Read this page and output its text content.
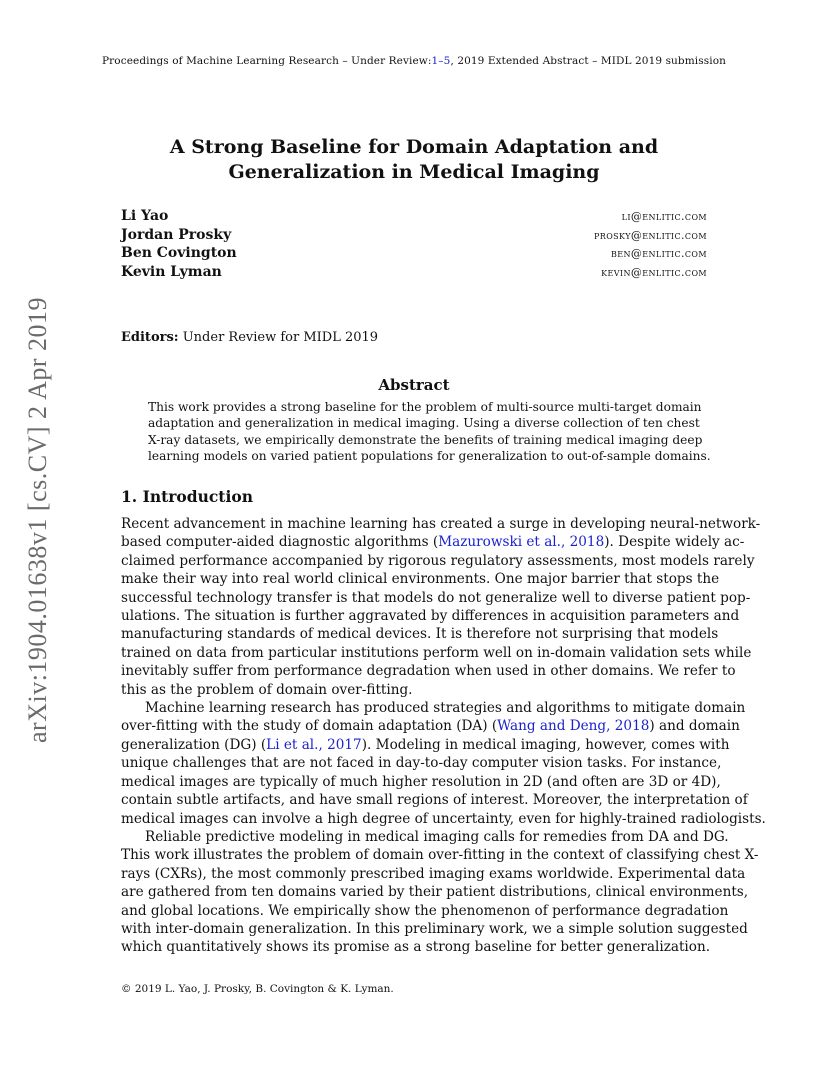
Proceedings of Machine Learning Research – Under Review:1–5, 2019 Extended Abstract – MIDL 2019 submission
arXiv:1904.01638v1 [cs.CV] 2 Apr 2019
A Strong Baseline for Domain Adaptation and
Generalization in Medical Imaging
Li Yao	li@enlitic.com
Jordan Prosky	prosky@enlitic.com
Ben Covington	ben@enlitic.com
Kevin Lyman	kevin@enlitic.com
Editors: Under Review for MIDL 2019
Abstract
This work provides a strong baseline for the problem of multi-source multi-target domain
adaptation and generalization in medical imaging. Using a diverse collection of ten chest
X-ray datasets, we empirically demonstrate the benefits of training medical imaging deep
learning models on varied patient populations for generalization to out-of-sample domains.
1. Introduction
Recent advancement in machine learning has created a surge in developing neural-network-
based computer-aided diagnostic algorithms (Mazurowski et al., 2018). Despite widely ac-
claimed performance accompanied by rigorous regulatory assessments, most models rarely
make their way into real world clinical environments. One major barrier that stops the
successful technology transfer is that models do not generalize well to diverse patient pop-
ulations. The situation is further aggravated by differences in acquisition parameters and
manufacturing standards of medical devices. It is therefore not surprising that models
trained on data from particular institutions perform well on in-domain validation sets while
inevitably suffer from performance degradation when used in other domains. We refer to
this as the problem of domain over-fitting.
Machine learning research has produced strategies and algorithms to mitigate domain
over-fitting with the study of domain adaptation (DA) (Wang and Deng, 2018) and domain
generalization (DG) (Li et al., 2017). Modeling in medical imaging, however, comes with
unique challenges that are not faced in day-to-day computer vision tasks. For instance,
medical images are typically of much higher resolution in 2D (and often are 3D or 4D),
contain subtle artifacts, and have small regions of interest. Moreover, the interpretation of
medical images can involve a high degree of uncertainty, even for highly-trained radiologists.
Reliable predictive modeling in medical imaging calls for remedies from DA and DG.
This work illustrates the problem of domain over-fitting in the context of classifying chest X-
rays (CXRs), the most commonly prescribed imaging exams worldwide. Experimental data
are gathered from ten domains varied by their patient distributions, clinical environments,
and global locations. We empirically show the phenomenon of performance degradation
with inter-domain generalization. In this preliminary work, we a simple solution suggested
which quantitatively shows its promise as a strong baseline for better generalization.
© 2019 L. Yao, J. Prosky, B. Covington & K. Lyman.
